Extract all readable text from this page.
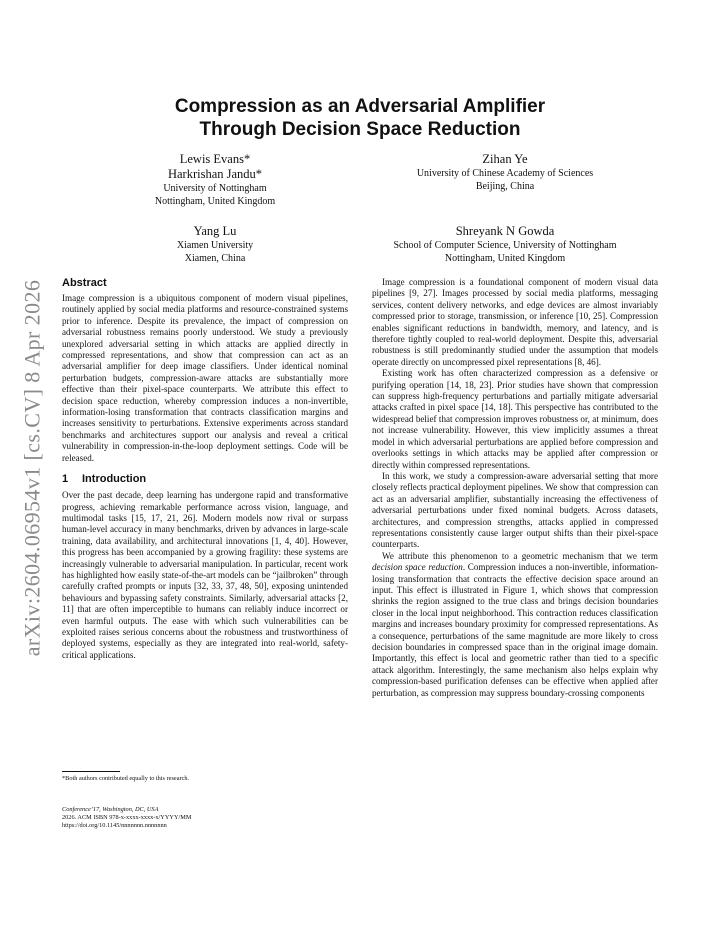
arXiv:2604.06954v1 [cs.CV] 8 Apr 2026
Compression as an Adversarial Amplifier
Through Decision Space Reduction
Lewis Evans*
Harkrishan Jandu*
University of Nottingham
Nottingham, United Kingdom
Zihan Ye
University of Chinese Academy of Sciences
Beijing, China
Yang Lu
Xiamen University
Xiamen, China
Shreyank N Gowda
School of Computer Science, University of Nottingham
Nottingham, United Kingdom
Abstract

Image compression is a ubiquitous component of modern visual pipelines, routinely applied by social media platforms and resource-constrained systems prior to inference. Despite its prevalence, the impact of compression on adversarial robustness remains poorly understood. We study a previously unexplored adversarial setting in which attacks are applied directly in compressed representations, and show that compression can act as an adversarial amplifier for deep image classifiers. Under identical nominal perturbation budgets, compression-aware attacks are substantially more effective than their pixel-space counterparts. We attribute this effect to decision space reduction, whereby compression induces a non-invertible, information-losing transformation that contracts classification margins and increases sensitivity to perturbations. Extensive experiments across standard benchmarks and architectures support our analysis and reveal a critical vulnerability in compression-in-the-loop deployment settings. Code will be released.

1 Introduction

Over the past decade, deep learning has undergone rapid and transformative progress, achieving remarkable performance across vision, language, and multimodal tasks [15, 17, 21, 26]. Modern models now rival or surpass human-level accuracy in many benchmarks, driven by advances in large-scale training, data availability, and architectural innovations [1, 4, 40]. However, this progress has been accompanied by a growing fragility: these systems are increasingly vulnerable to adversarial manipulation. In particular, recent work has highlighted how easily state-of-the-art models can be “jailbroken” through carefully crafted prompts or inputs [32, 33, 37, 48, 50], exposing unintended behaviours and bypassing safety constraints. Similarly, adversarial attacks [2, 11] that are often imperceptible to humans can reliably induce incorrect or even harmful outputs. The ease with which such vulnerabilities can be exploited raises serious concerns about the robustness and trustworthiness of deployed systems, especially as they are integrated into real-world, safety-critical applications.

*Both authors contributed equally to this research.
Conference’17, Washington, DC, USA
2026. ACM ISBN 978-x-xxxx-xxxx-x/YYYY/MM
https://doi.org/10.1145/nnnnnnn.nnnnnnn

Image compression is a foundational component of modern visual data pipelines [9, 27]. Images processed by social media platforms, messaging services, content delivery networks, and edge devices are almost invariably compressed prior to storage, transmission, or inference [10, 25]. Compression enables significant reductions in bandwidth, memory, and latency, and is therefore tightly coupled to real-world deployment. Despite this, adversarial robustness is still predominantly studied under the assumption that models operate directly on uncompressed pixel representations [8, 46].

Existing work has often characterized compression as a defensive or purifying operation [14, 18, 23]. Prior studies have shown that compression can suppress high-frequency perturbations and partially mitigate adversarial attacks crafted in pixel space [14, 18]. This perspective has contributed to the widespread belief that compression improves robustness or, at minimum, does not increase vulnerability. However, this view implicitly assumes a threat model in which adversarial perturbations are applied before compression and overlooks settings in which attacks may be applied after compression or directly within compressed representations.

In this work, we study a compression-aware adversarial setting that more closely reflects practical deployment pipelines. We show that compression can act as an adversarial amplifier, substantially increasing the effectiveness of adversarial perturbations under fixed nominal budgets. Across datasets, architectures, and compression strengths, attacks applied in compressed representations consistently cause larger output shifts than their pixel-space counterparts.

We attribute this phenomenon to a geometric mechanism that we term decision space reduction. Compression induces a non-invertible, information-losing transformation that contracts the effective decision space around an input. This effect is illustrated in Figure 1, which shows that compression shrinks the region assigned to the true class and brings decision boundaries closer in the local input neighborhood. This contraction reduces classification margins and increases boundary proximity for compressed representations. As a consequence, perturbations of the same magnitude are more likely to cross decision boundaries in compressed space than in the original image domain. Importantly, this effect is local and geometric rather than tied to a specific attack algorithm. Interestingly, the same mechanism also helps explain why compression-based purification defenses can be effective when applied after perturbation, as compression may suppress boundary-crossing components
